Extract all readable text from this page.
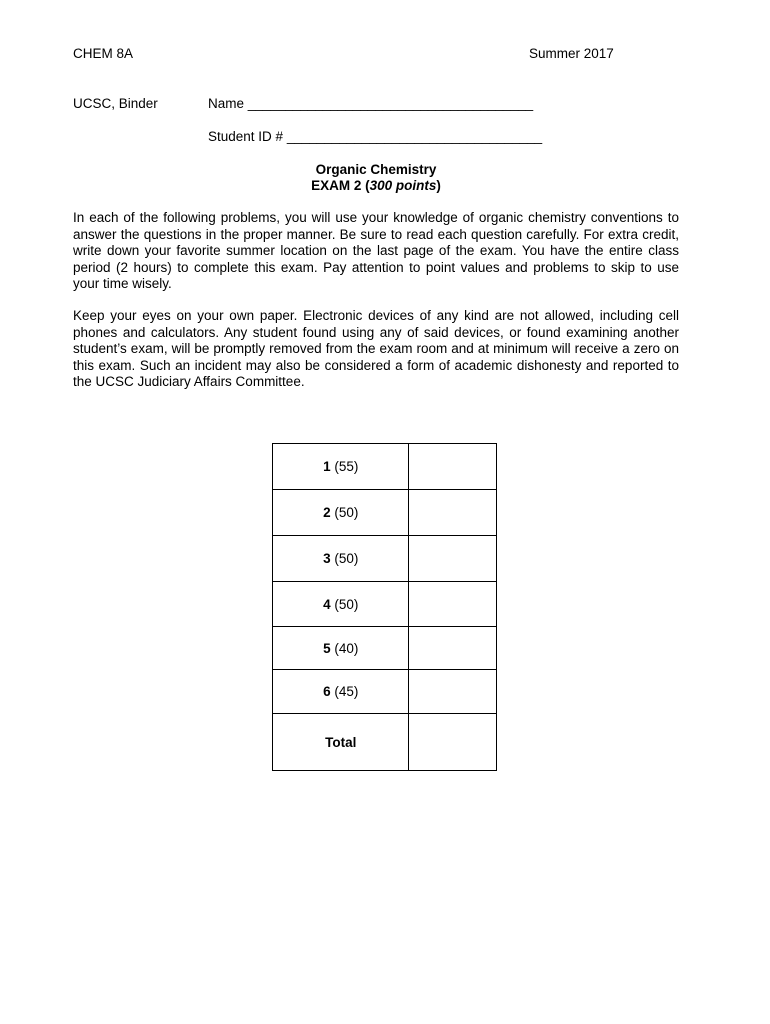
CHEM 8A	Summer 2017
UCSC, Binder	Name ______________________________________
Student ID # __________________________________
Organic Chemistry
EXAM 2 (300 points)

In each of the following problems, you will use your knowledge of organic chemistry conventions to answer the questions in the proper manner. Be sure to read each question carefully. For extra credit, write down your favorite summer location on the last page of the exam. You have the entire class period (2 hours) to complete this exam. Pay attention to point values and problems to skip to use your time wisely.

Keep your eyes on your own paper. Electronic devices of any kind are not allowed, including cell phones and calculators. Any student found using any of said devices, or found examining another student’s exam, will be promptly removed from the exam room and at minimum will receive a zero on this exam. Such an incident may also be considered a form of academic dishonesty and reported to the UCSC Judiciary Affairs Committee.

1 (55)	
2 (50)	
3 (50)	
4 (50)	
5 (40)	
6 (45)	
Total	
